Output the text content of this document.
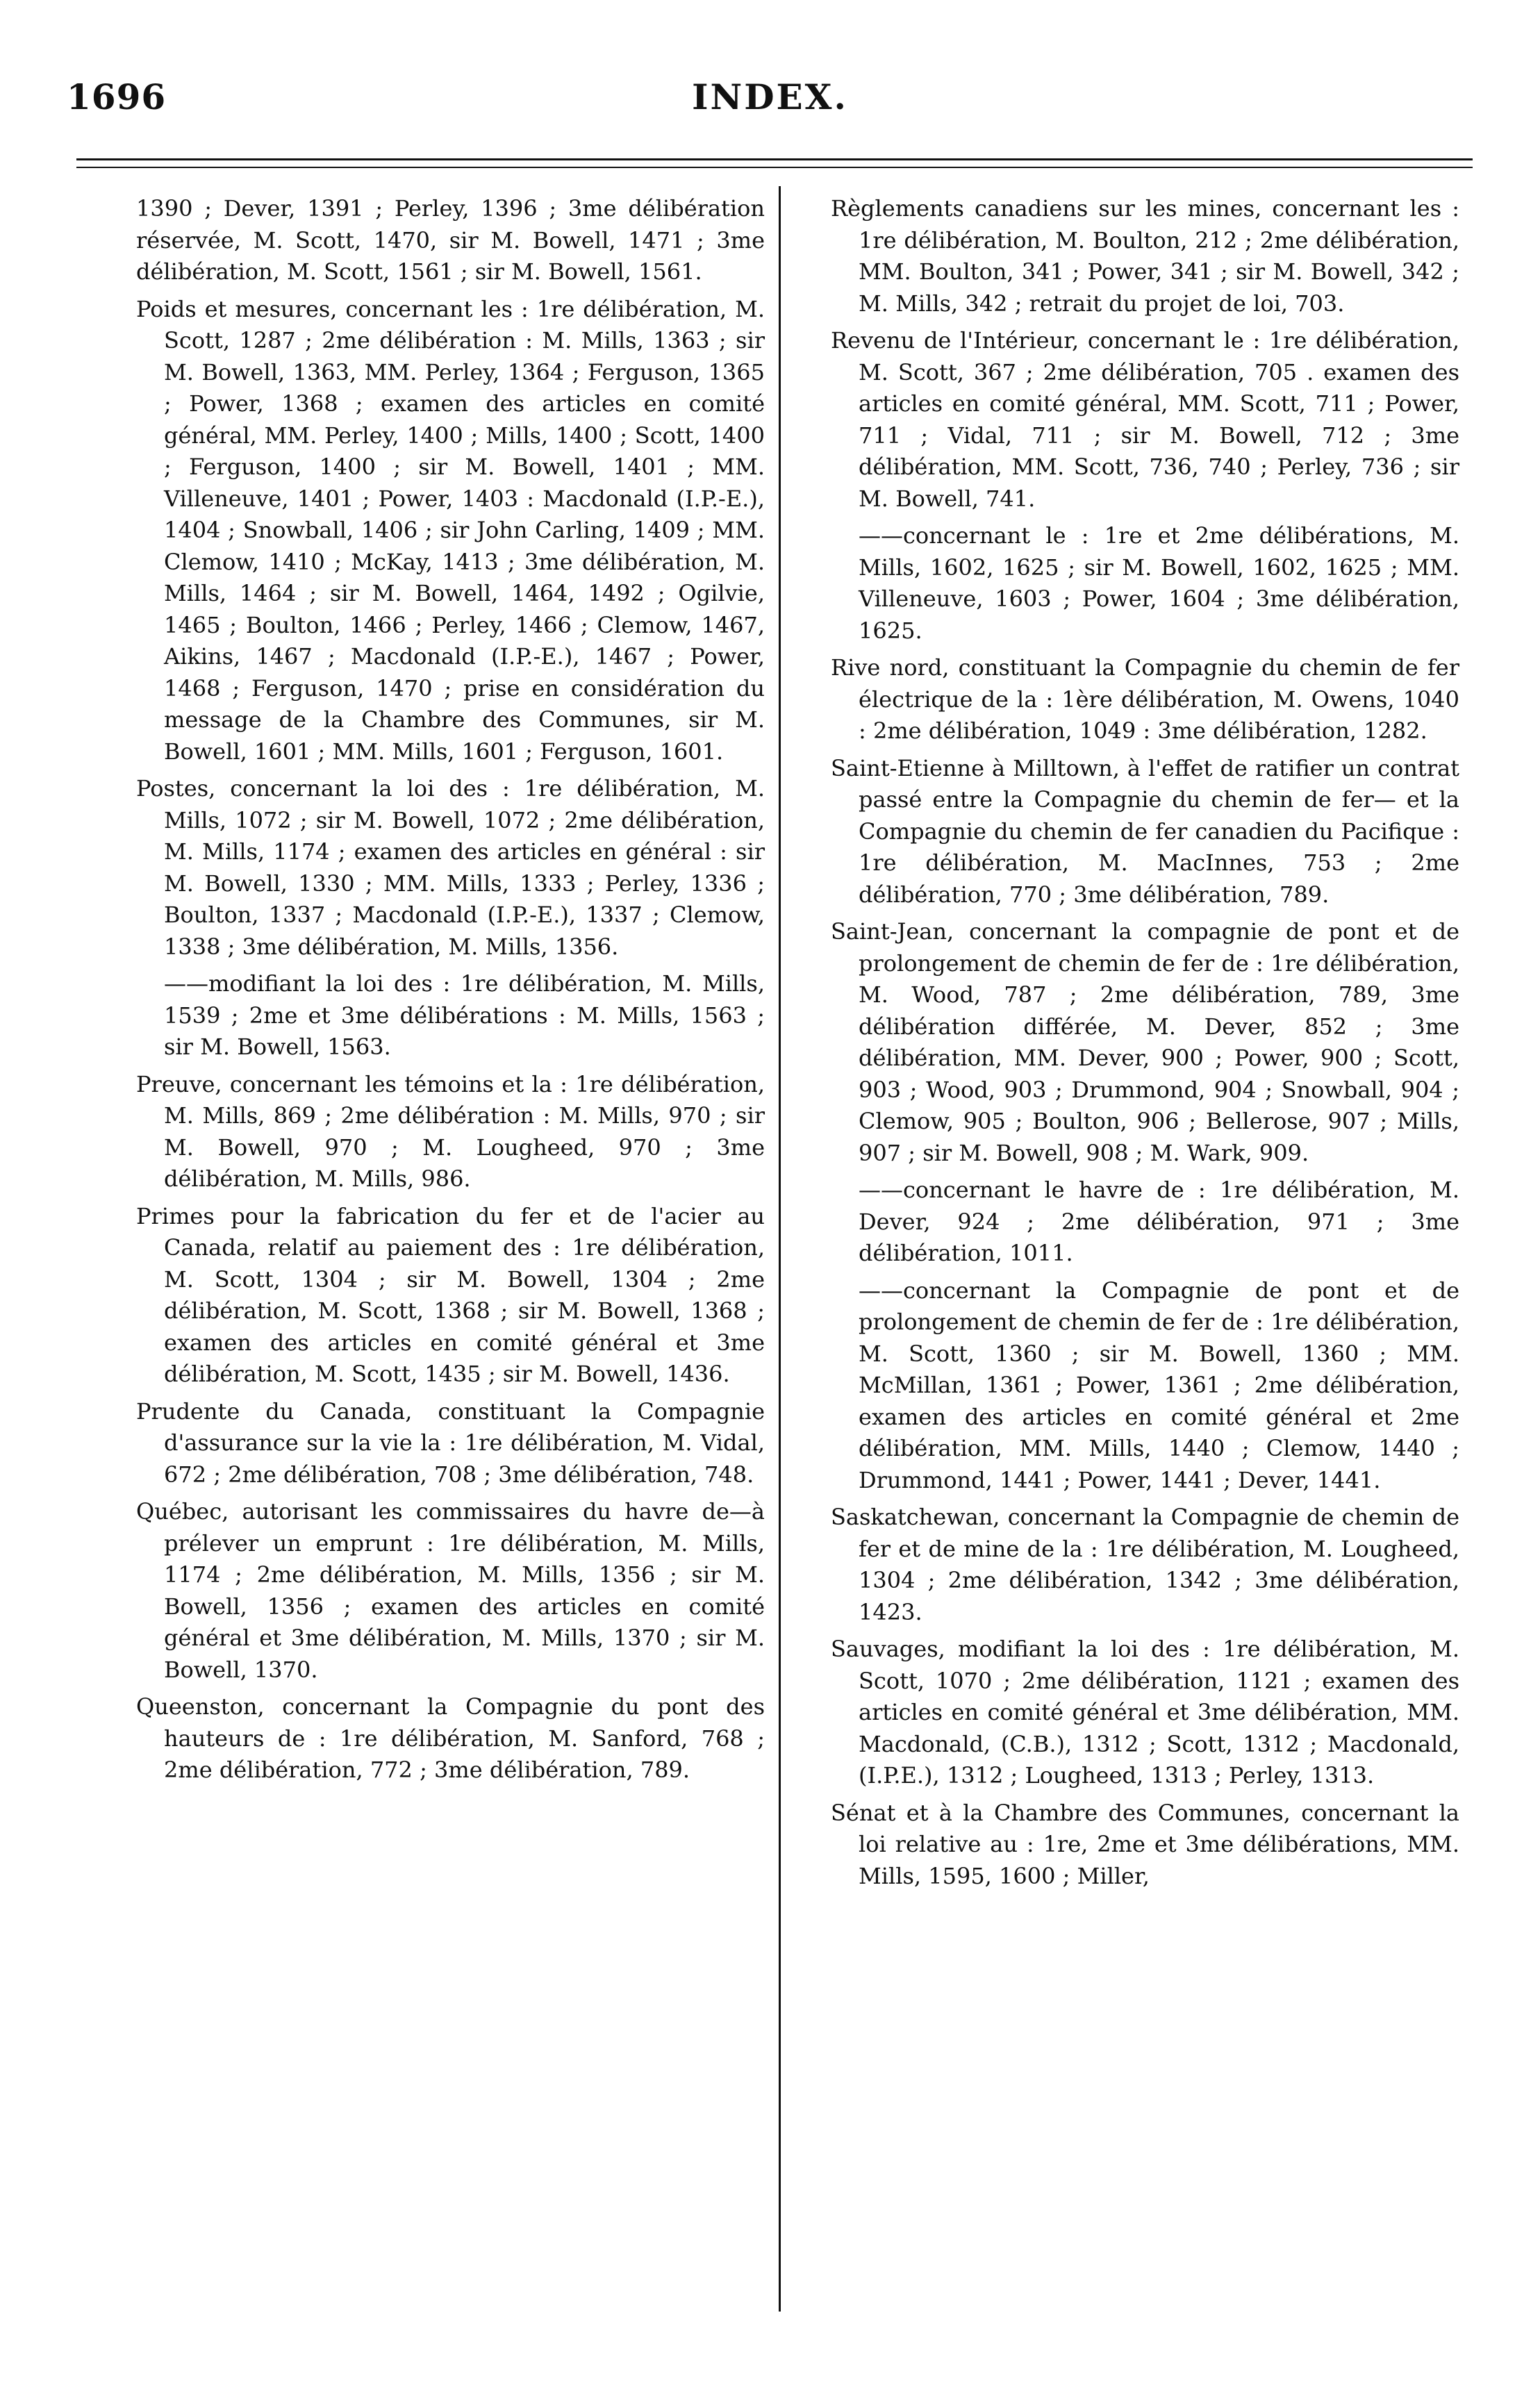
1696	INDEX.

1390 ; Dever, 1391 ; Perley, 1396 ; 3me délibération réservée, M. Scott, 1470, sir M. Bowell, 1471 ; 3me délibération, M. Scott, 1561 ; sir M. Bowell, 1561.

Poids et mesures, concernant les : 1re délibération, M. Scott, 1287 ; 2me délibération : M. Mills, 1363 ; sir M. Bowell, 1363, MM. Perley, 1364 ; Ferguson, 1365 ; Power, 1368 ; examen des articles en comité général, MM. Perley, 1400 ; Mills, 1400 ; Scott, 1400 ; Ferguson, 1400 ; sir M. Bowell, 1401 ; MM. Villeneuve, 1401 ; Power, 1403 : Macdonald (I.P.-E.), 1404 ; Snowball, 1406 ; sir John Carling, 1409 ; MM. Clemow, 1410 ; McKay, 1413 ; 3me délibération, M. Mills, 1464 ; sir M. Bowell, 1464, 1492 ; Ogilvie, 1465 ; Boulton, 1466 ; Perley, 1466 ; Clemow, 1467, Aikins, 1467 ; Macdonald (I.P.-E.), 1467 ; Power, 1468 ; Ferguson, 1470 ; prise en considération du message de la Chambre des Communes, sir M. Bowell, 1601 ; MM. Mills, 1601 ; Ferguson, 1601.

Postes, concernant la loi des : 1re délibération, M. Mills, 1072 ; sir M. Bowell, 1072 ; 2me délibération, M. Mills, 1174 ; examen des articles en général : sir M. Bowell, 1330 ; MM. Mills, 1333 ; Perley, 1336 ; Boulton, 1337 ; Macdonald (I.P.-E.), 1337 ; Clemow, 1338 ; 3me délibération, M. Mills, 1356.

——modifiant la loi des : 1re délibération, M. Mills, 1539 ; 2me et 3me délibérations : M. Mills, 1563 ; sir M. Bowell, 1563.

Preuve, concernant les témoins et la : 1re délibération, M. Mills, 869 ; 2me délibération : M. Mills, 970 ; sir M. Bowell, 970 ; M. Lougheed, 970 ; 3me délibération, M. Mills, 986.

Primes pour la fabrication du fer et de l'acier au Canada, relatif au paiement des : 1re délibération, M. Scott, 1304 ; sir M. Bowell, 1304 ; 2me délibération, M. Scott, 1368 ; sir M. Bowell, 1368 ; examen des articles en comité général et 3me délibération, M. Scott, 1435 ; sir M. Bowell, 1436.

Prudente du Canada, constituant la Compagnie d'assurance sur la vie la : 1re délibération, M. Vidal, 672 ; 2me délibération, 708 ; 3me délibération, 748.

Québec, autorisant les commissaires du havre de—à prélever un emprunt : 1re délibération, M. Mills, 1174 ; 2me délibération, M. Mills, 1356 ; sir M. Bowell, 1356 ; examen des articles en comité général et 3me délibération, M. Mills, 1370 ; sir M. Bowell, 1370.

Queenston, concernant la Compagnie du pont des hauteurs de : 1re délibération, M. Sanford, 768 ; 2me délibération, 772 ; 3me délibération, 789.

Règlements canadiens sur les mines, concernant les : 1re délibération, M. Boulton, 212 ; 2me délibération, MM. Boulton, 341 ; Power, 341 ; sir M. Bowell, 342 ; M. Mills, 342 ; retrait du projet de loi, 703.

Revenu de l'Intérieur, concernant le : 1re délibération, M. Scott, 367 ; 2me délibération, 705 . examen des articles en comité général, MM. Scott, 711 ; Power, 711 ; Vidal, 711 ; sir M. Bowell, 712 ; 3me délibération, MM. Scott, 736, 740 ; Perley, 736 ; sir M. Bowell, 741.

——concernant le : 1re et 2me délibérations, M. Mills, 1602, 1625 ; sir M. Bowell, 1602, 1625 ; MM. Villeneuve, 1603 ; Power, 1604 ; 3me délibération, 1625.

Rive nord, constituant la Compagnie du chemin de fer électrique de la : 1ère délibération, M. Owens, 1040 : 2me délibération, 1049 : 3me délibération, 1282.

Saint-Etienne à Milltown, à l'effet de ratifier un contrat passé entre la Compagnie du chemin de fer— et la Compagnie du chemin de fer canadien du Pacifique : 1re délibération, M. MacInnes, 753 ; 2me délibération, 770 ; 3me délibération, 789.

Saint-Jean, concernant la compagnie de pont et de prolongement de chemin de fer de : 1re délibération, M. Wood, 787 ; 2me délibération, 789, 3me délibération différée, M. Dever, 852 ; 3me délibération, MM. Dever, 900 ; Power, 900 ; Scott, 903 ; Wood, 903 ; Drummond, 904 ; Snowball, 904 ; Clemow, 905 ; Boulton, 906 ; Bellerose, 907 ; Mills, 907 ; sir M. Bowell, 908 ; M. Wark, 909.

——concernant le havre de : 1re délibération, M. Dever, 924 ; 2me délibération, 971 ; 3me délibération, 1011.

——concernant la Compagnie de pont et de prolongement de chemin de fer de : 1re délibération, M. Scott, 1360 ; sir M. Bowell, 1360 ; MM. McMillan, 1361 ; Power, 1361 ; 2me délibération, examen des articles en comité général et 2me délibération, MM. Mills, 1440 ; Clemow, 1440 ; Drummond, 1441 ; Power, 1441 ; Dever, 1441.

Saskatchewan, concernant la Compagnie de chemin de fer et de mine de la : 1re délibération, M. Lougheed, 1304 ; 2me délibération, 1342 ; 3me délibération, 1423.

Sauvages, modifiant la loi des : 1re délibération, M. Scott, 1070 ; 2me délibération, 1121 ; examen des articles en comité général et 3me délibération, MM. Macdonald, (C.B.), 1312 ; Scott, 1312 ; Macdonald, (I.P.E.), 1312 ; Lougheed, 1313 ; Perley, 1313.

Sénat et à la Chambre des Communes, concernant la loi relative au : 1re, 2me et 3me délibérations, MM. Mills, 1595, 1600 ; Miller,
